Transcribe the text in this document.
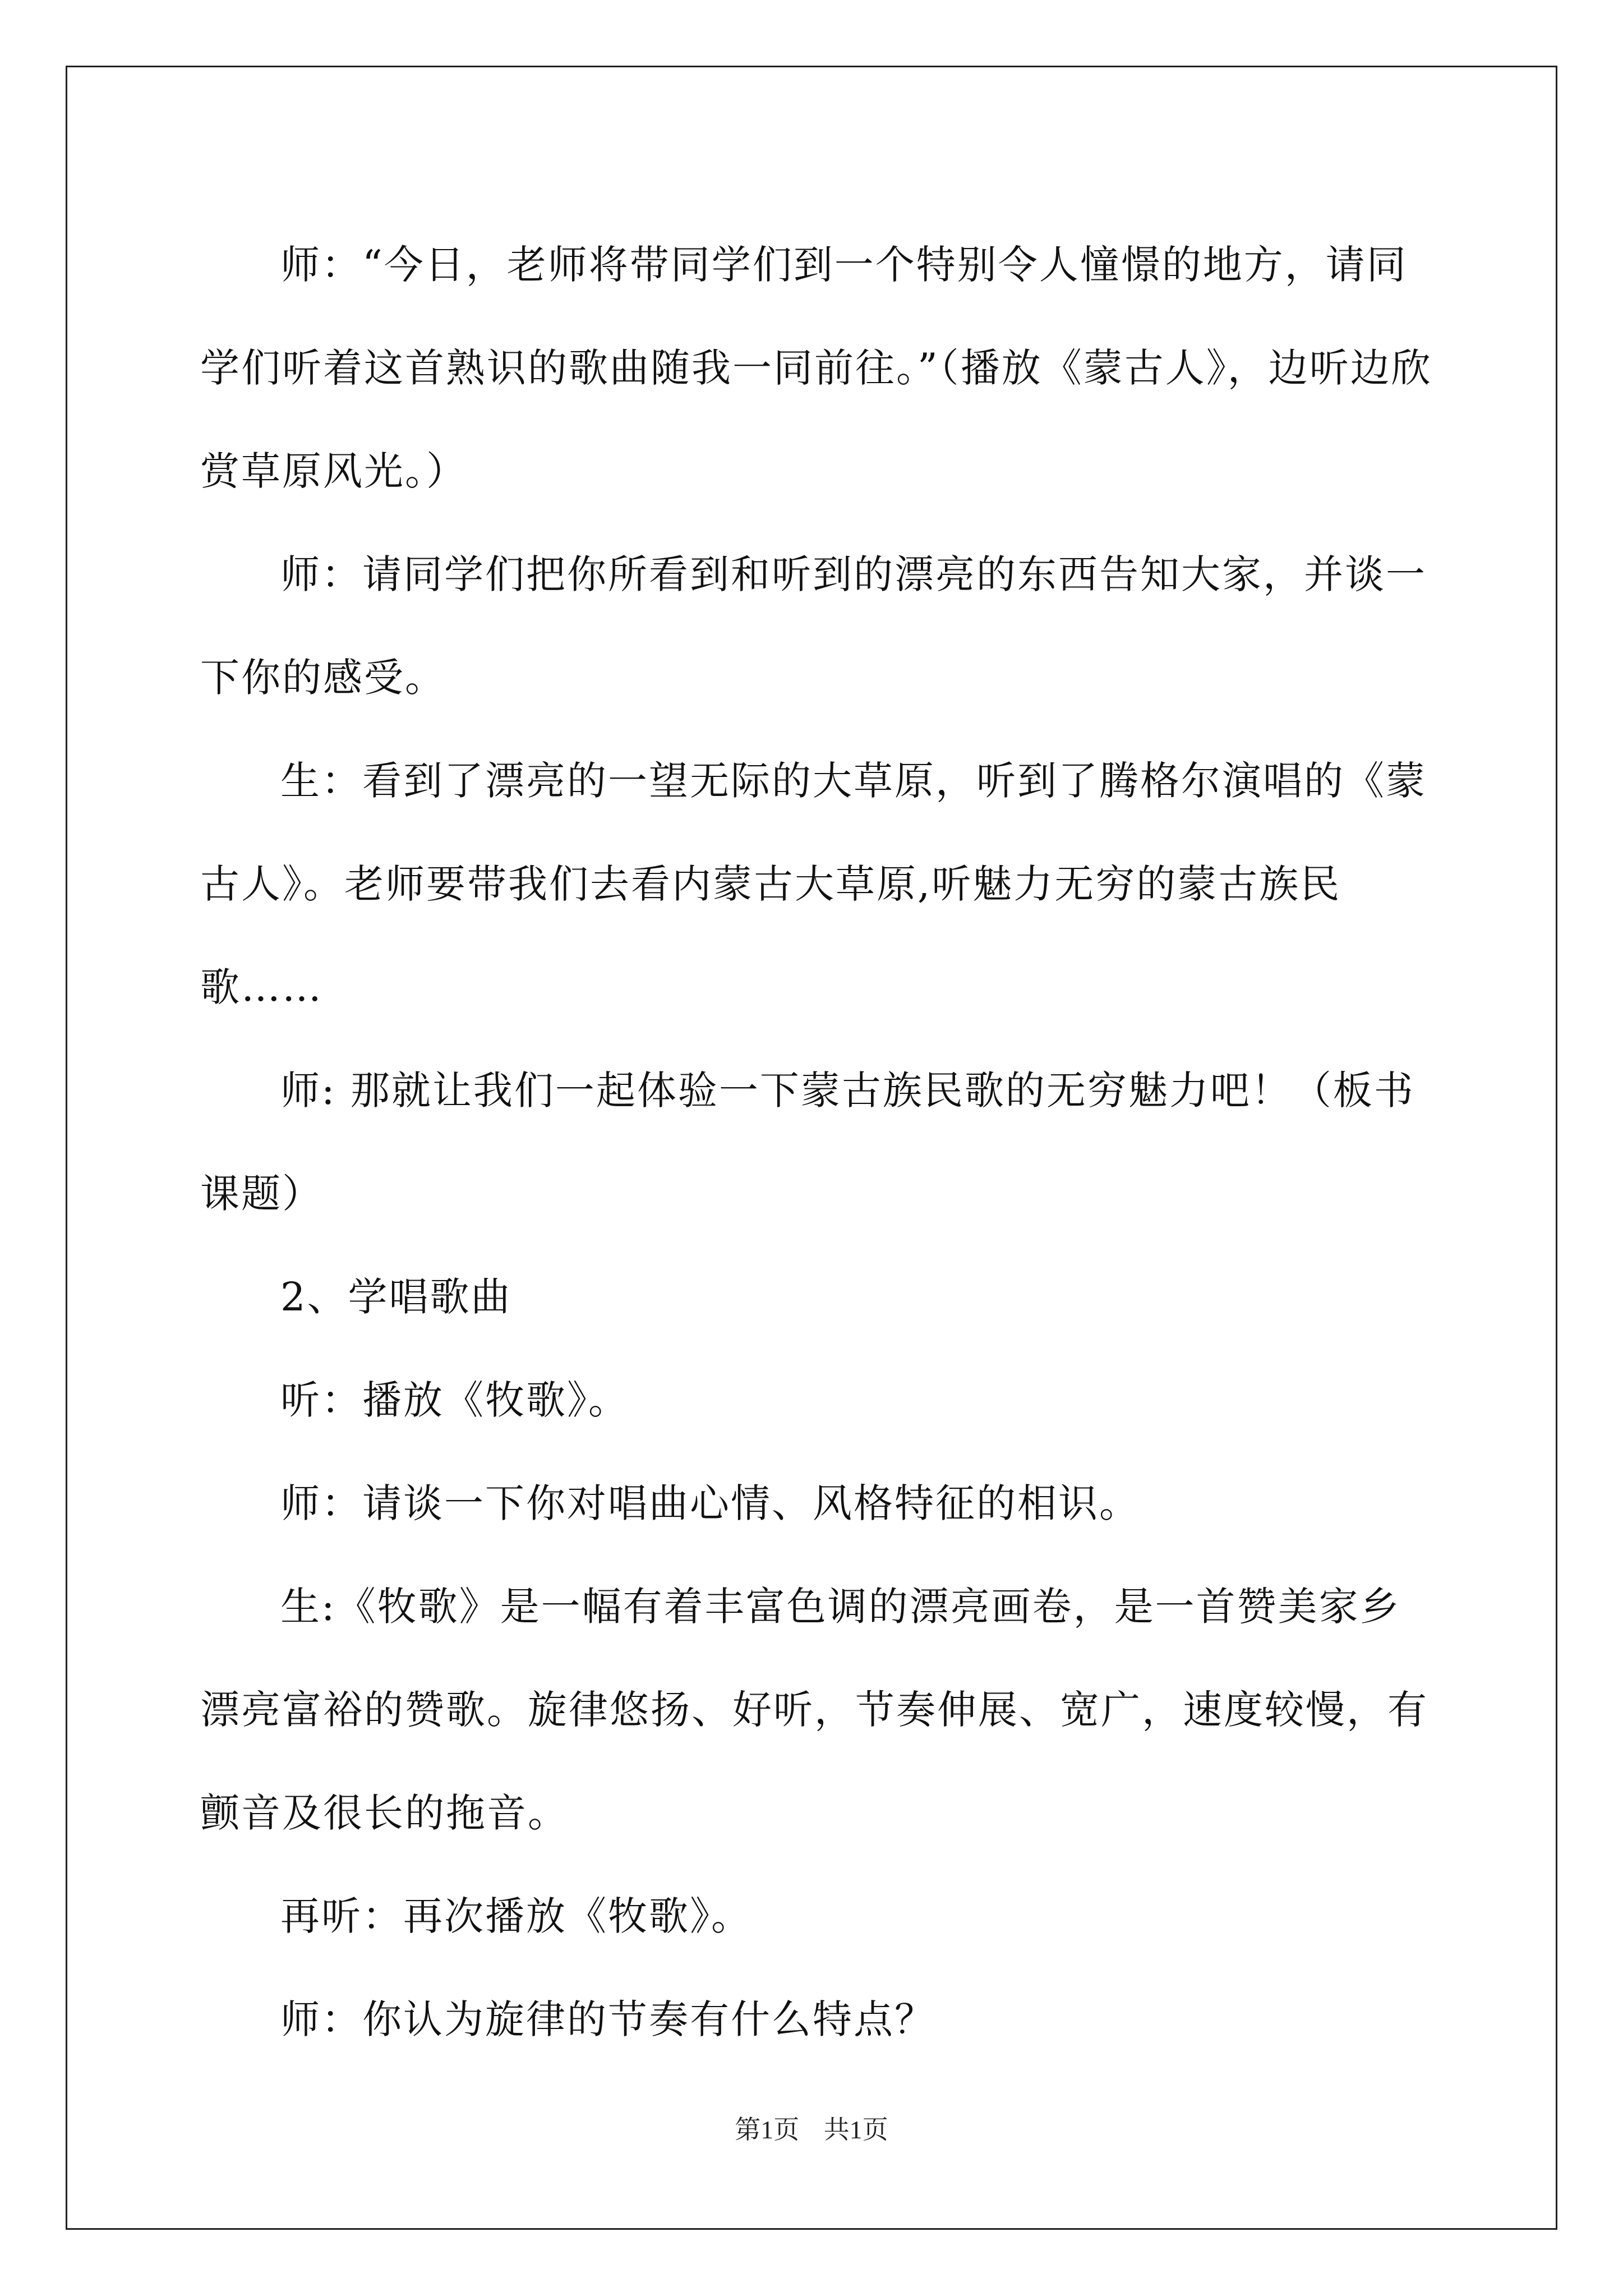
师：“今日，老师将带同学们到一个特别令人憧憬的地方，请同学们听着这首熟识的歌曲随我一同前往。”（播放《蒙古人》，边听边欣赏草原风光。）

师：请同学们把你所看到和听到的漂亮的东西告知大家，并谈一下你的感受。

生：看到了漂亮的一望无际的大草原，听到了腾格尔演唱的《蒙古人》。老师要带我们去看内蒙古大草原,听魅力无穷的蒙古族民歌……

师: 那就让我们一起体验一下蒙古族民歌的无穷魅力吧！（板书课题）

2、学唱歌曲

听：播放《牧歌》。

师：请谈一下你对唱曲心情、风格特征的相识。

生:《牧歌》是一幅有着丰富色调的漂亮画卷，是一首赞美家乡漂亮富裕的赞歌。旋律悠扬、好听，节奏伸展、宽广，速度较慢，有颤音及很长的拖音。

再听：再次播放《牧歌》。

师：你认为旋律的节奏有什么特点？

第1页 共1页
